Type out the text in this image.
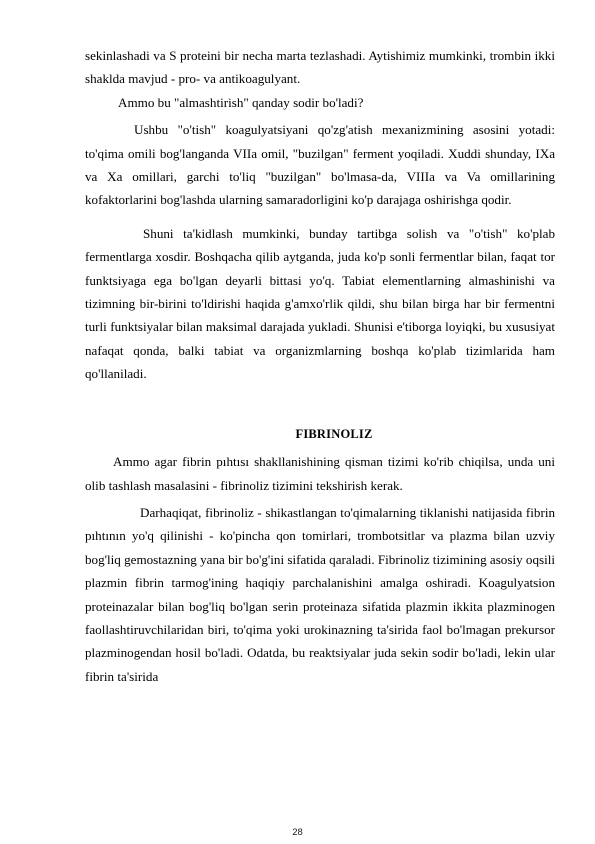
sekinlashadi va S proteini bir necha marta tezlashadi. Aytishimiz mumkinki, trombin ikki shaklda mavjud - pro- va antikoagulyant.

Ammo bu "almashtirish" qanday sodir bo'ladi?

Ushbu "o'tish" koagulyatsiyani qo'zg'atish mexanizmining asosini yotadi: to'qima omili bog'langanda VIIa omil, "buzilgan" ferment yoqiladi. Xuddi shunday, IXa va Xa omillari, garchi to'liq "buzilgan" bo'lmasa-da, VIIIa va Va omillarining kofaktorlarini bog'lashda ularning samaradorligini ko'p darajaga oshirishga qodir.

Shuni ta'kidlash mumkinki, bunday tartibga solish va "o'tish" ko'plab fermentlarga xosdir. Boshqacha qilib aytganda, juda ko'p sonli fermentlar bilan, faqat tor funktsiyaga ega bo'lgan deyarli bittasi yo'q. Tabiat elementlarning almashinishi va tizimning bir-birini to'ldirishi haqida g'amxo'rlik qildi, shu bilan birga har bir fermentni turli funktsiyalar bilan maksimal darajada yukladi. Shunisi e'tiborga loyiqki, bu xususiyat nafaqat qonda, balki tabiat va organizmlarning boshqa ko'plab tizimlarida ham qo'llaniladi.

FIBRINOLIZ

Ammo agar fibrin pıhtısı shakllanishining qisman tizimi ko'rib chiqilsa, unda uni olib tashlash masalasini - fibrinoliz tizimini tekshirish kerak.

Darhaqiqat, fibrinoliz - shikastlangan to'qimalarning tiklanishi natijasida fibrin pıhtının yo'q qilinishi - ko'pincha qon tomirlari, trombotsitlar va plazma bilan uzviy bog'liq gemostazning yana bir bo'g'ini sifatida qaraladi. Fibrinoliz tizimining asosiy oqsili plazmin fibrin tarmog'ining haqiqiy parchalanishini amalga oshiradi. Koagulyatsion proteinazalar bilan bog'liq bo'lgan serin proteinaza sifatida plazmin ikkita plazminogen faollashtiruvchilaridan biri, to'qima yoki urokinazning ta'sirida faol bo'lmagan prekursor plazminogendan hosil bo'ladi. Odatda, bu reaktsiyalar juda sekin sodir bo'ladi, lekin ular fibrin ta'sirida

28
